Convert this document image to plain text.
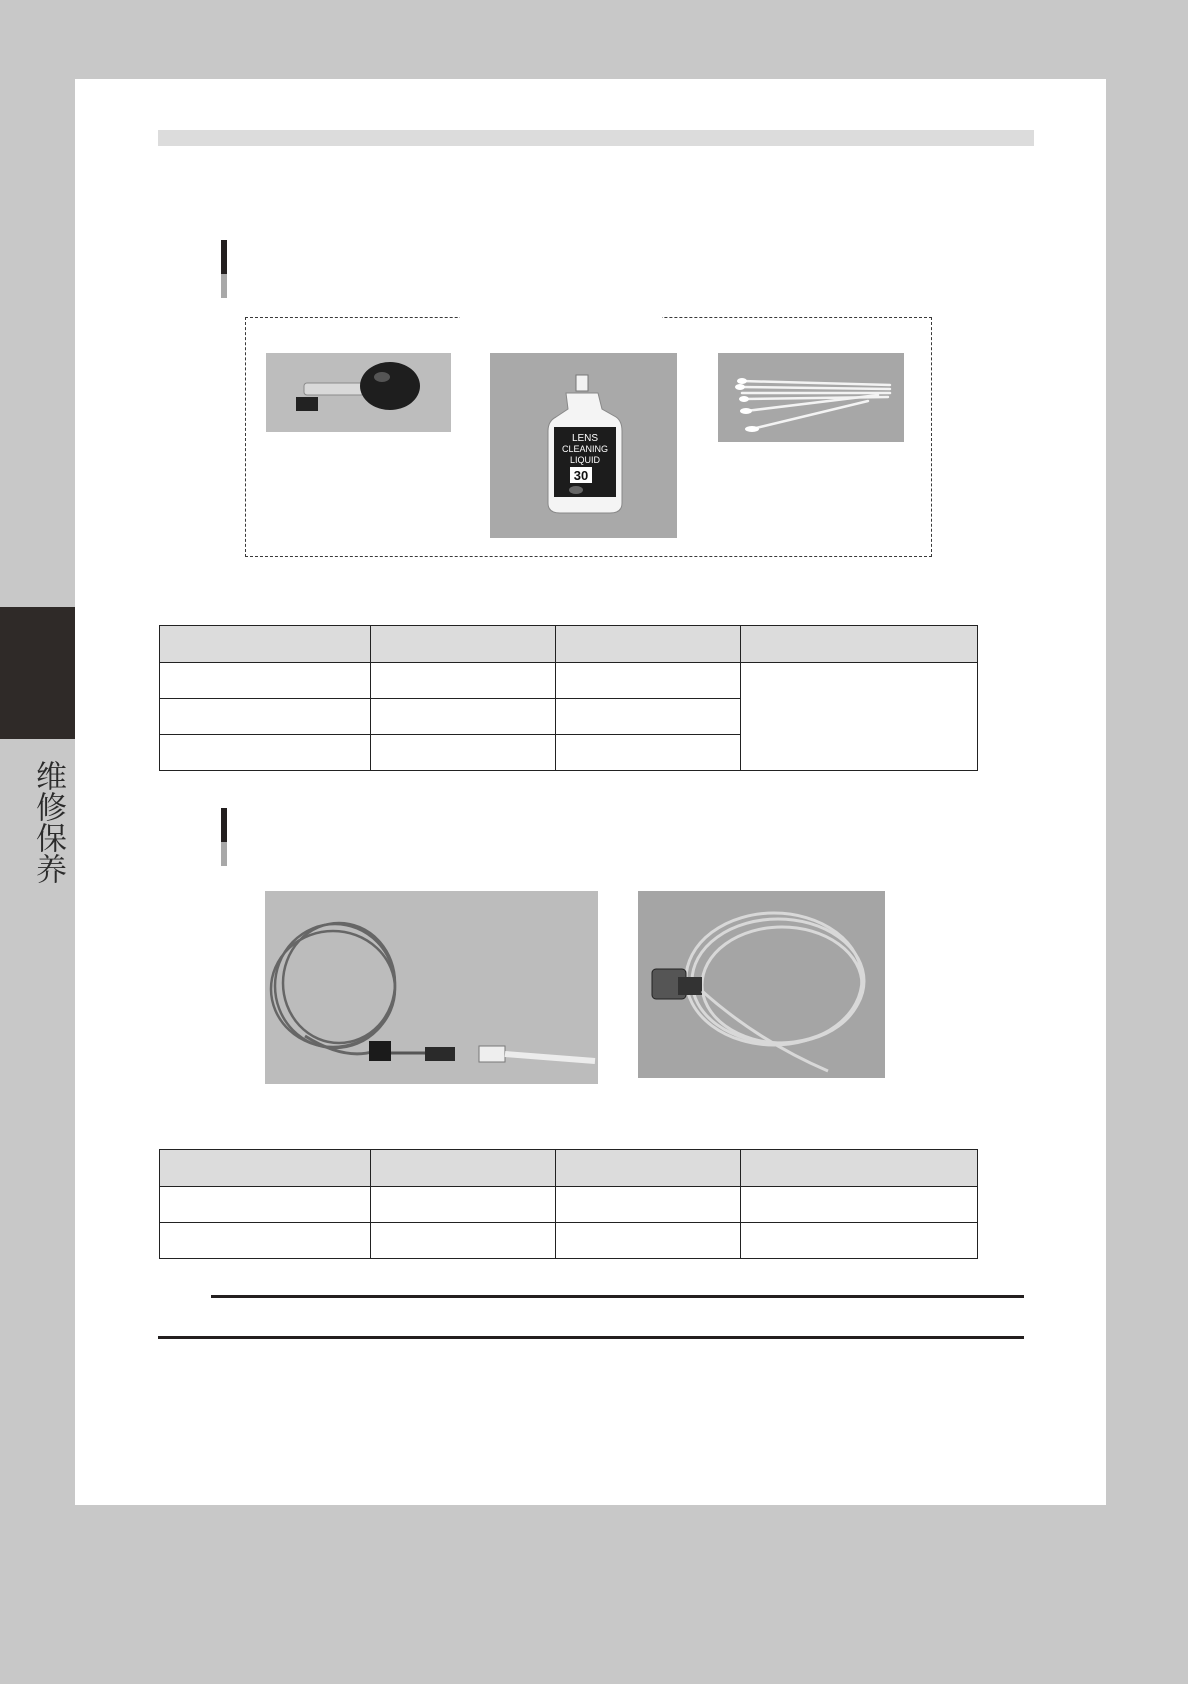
维修保养
LENS
CLEANING
LIQUID
30
